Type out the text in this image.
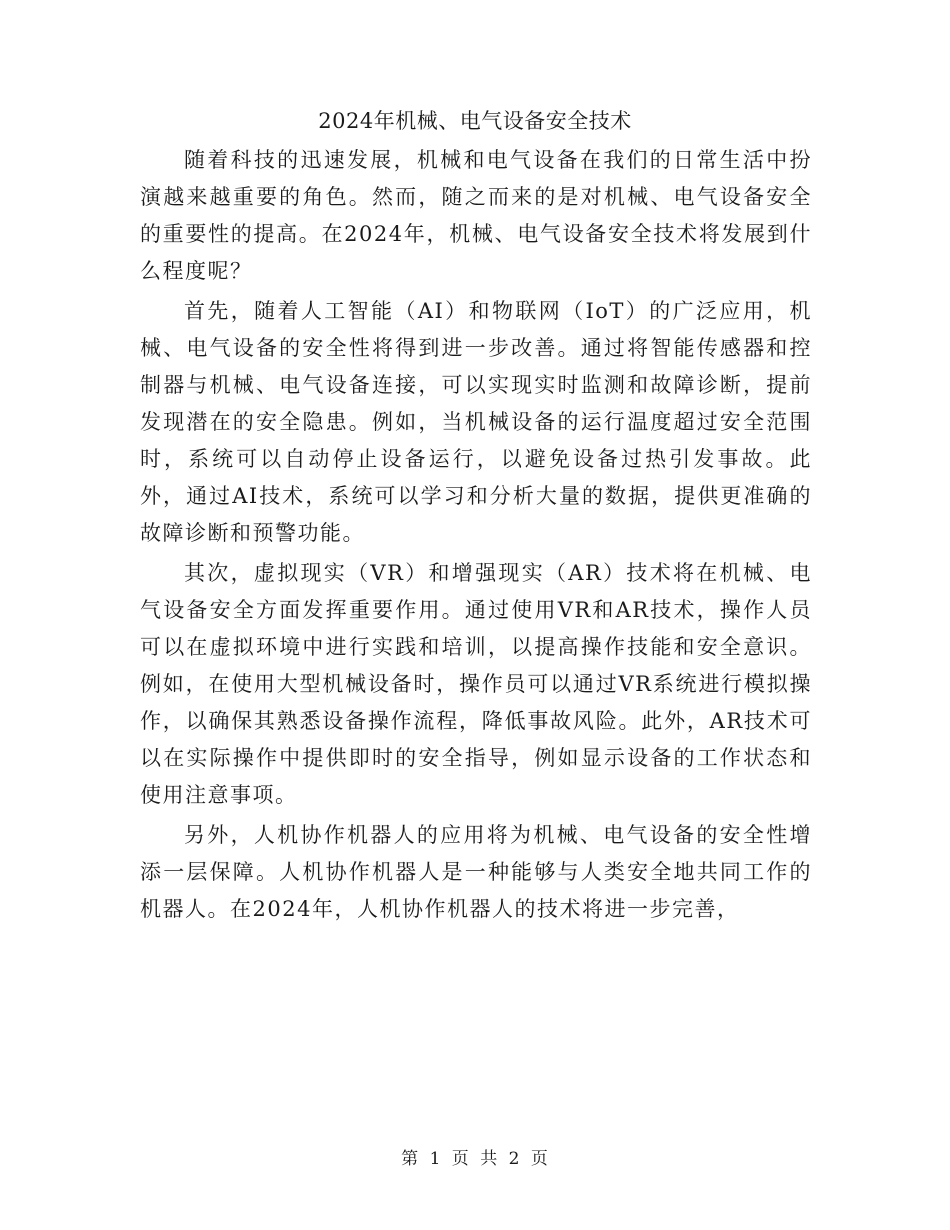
2024年机械、电气设备安全技术

随着科技的迅速发展，机械和电气设备在我们的日常生活中扮演越来越重要的角色。然而，随之而来的是对机械、电气设备安全的重要性的提高。在2024年，机械、电气设备安全技术将发展到什么程度呢？

首先，随着人工智能（AI）和物联网（IoT）的广泛应用，机械、电气设备的安全性将得到进一步改善。通过将智能传感器和控制器与机械、电气设备连接，可以实现实时监测和故障诊断，提前发现潜在的安全隐患。例如，当机械设备的运行温度超过安全范围时，系统可以自动停止设备运行，以避免设备过热引发事故。此外，通过AI技术，系统可以学习和分析大量的数据，提供更准确的故障诊断和预警功能。

其次，虚拟现实（VR）和增强现实（AR）技术将在机械、电气设备安全方面发挥重要作用。通过使用VR和AR技术，操作人员可以在虚拟环境中进行实践和培训，以提高操作技能和安全意识。例如，在使用大型机械设备时，操作员可以通过VR系统进行模拟操作，以确保其熟悉设备操作流程，降低事故风险。此外，AR技术可以在实际操作中提供即时的安全指导，例如显示设备的工作状态和使用注意事项。

另外，人机协作机器人的应用将为机械、电气设备的安全性增添一层保障。人机协作机器人是一种能够与人类安全地共同工作的机器人。在2024年，人机协作机器人的技术将进一步完善，

第 1 页 共 2 页
